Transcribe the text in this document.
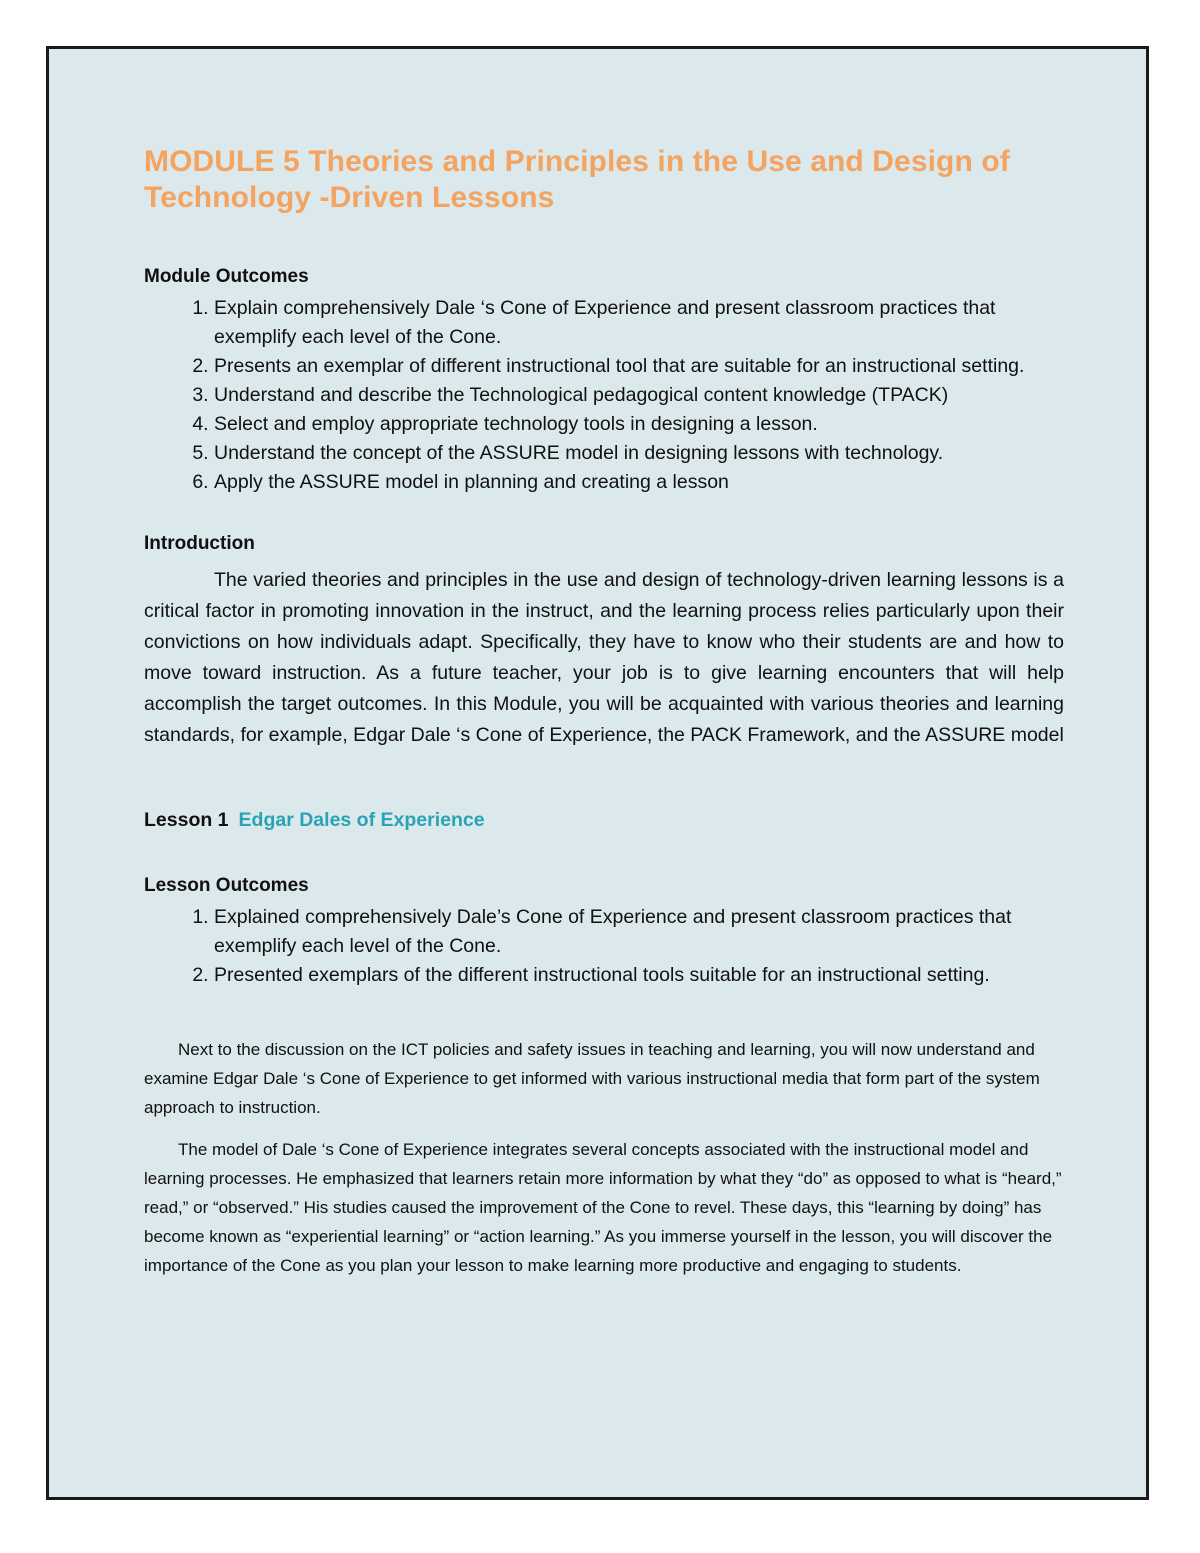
MODULE 5 Theories and Principles in the Use and Design of Technology -Driven Lessons
Module Outcomes
1. Explain comprehensively Dale ‘s Cone of Experience and present classroom practices that exemplify each level of the Cone.
2. Presents an exemplar of different instructional tool that are suitable for an instructional setting.
3. Understand and describe the Technological pedagogical content knowledge (TPACK)
4. Select and employ appropriate technology tools in designing a lesson.
5. Understand the concept of the ASSURE model in designing lessons with technology.
6. Apply the ASSURE model in planning and creating a lesson
Introduction

The varied theories and principles in the use and design of technology-driven learning lessons is a critical factor in promoting innovation in the instruct, and the learning process relies particularly upon their convictions on how individuals adapt. Specifically, they have to know who their students are and how to move toward instruction. As a future teacher, your job is to give learning encounters that will help accomplish the target outcomes. In this Module, you will be acquainted with various theories and learning standards, for example, Edgar Dale ‘s Cone of Experience, the PACK Framework, and the ASSURE model

Lesson 1 Edgar Dales of Experience

Lesson Outcomes
1. Explained comprehensively Dale’s Cone of Experience and present classroom practices that exemplify each level of the Cone.
2. Presented exemplars of the different instructional tools suitable for an instructional setting.

Next to the discussion on the ICT policies and safety issues in teaching and learning, you will now understand and examine Edgar Dale ‘s Cone of Experience to get informed with various instructional media that form part of the system approach to instruction.

The model of Dale ‘s Cone of Experience integrates several concepts associated with the instructional model and learning processes. He emphasized that learners retain more information by what they “do” as opposed to what is “heard,” read,” or “observed.” His studies caused the improvement of the Cone to revel. These days, this “learning by doing” has become known as “experiential learning” or “action learning.” As you immerse yourself in the lesson, you will discover the importance of the Cone as you plan your lesson to make learning more productive and engaging to students.
